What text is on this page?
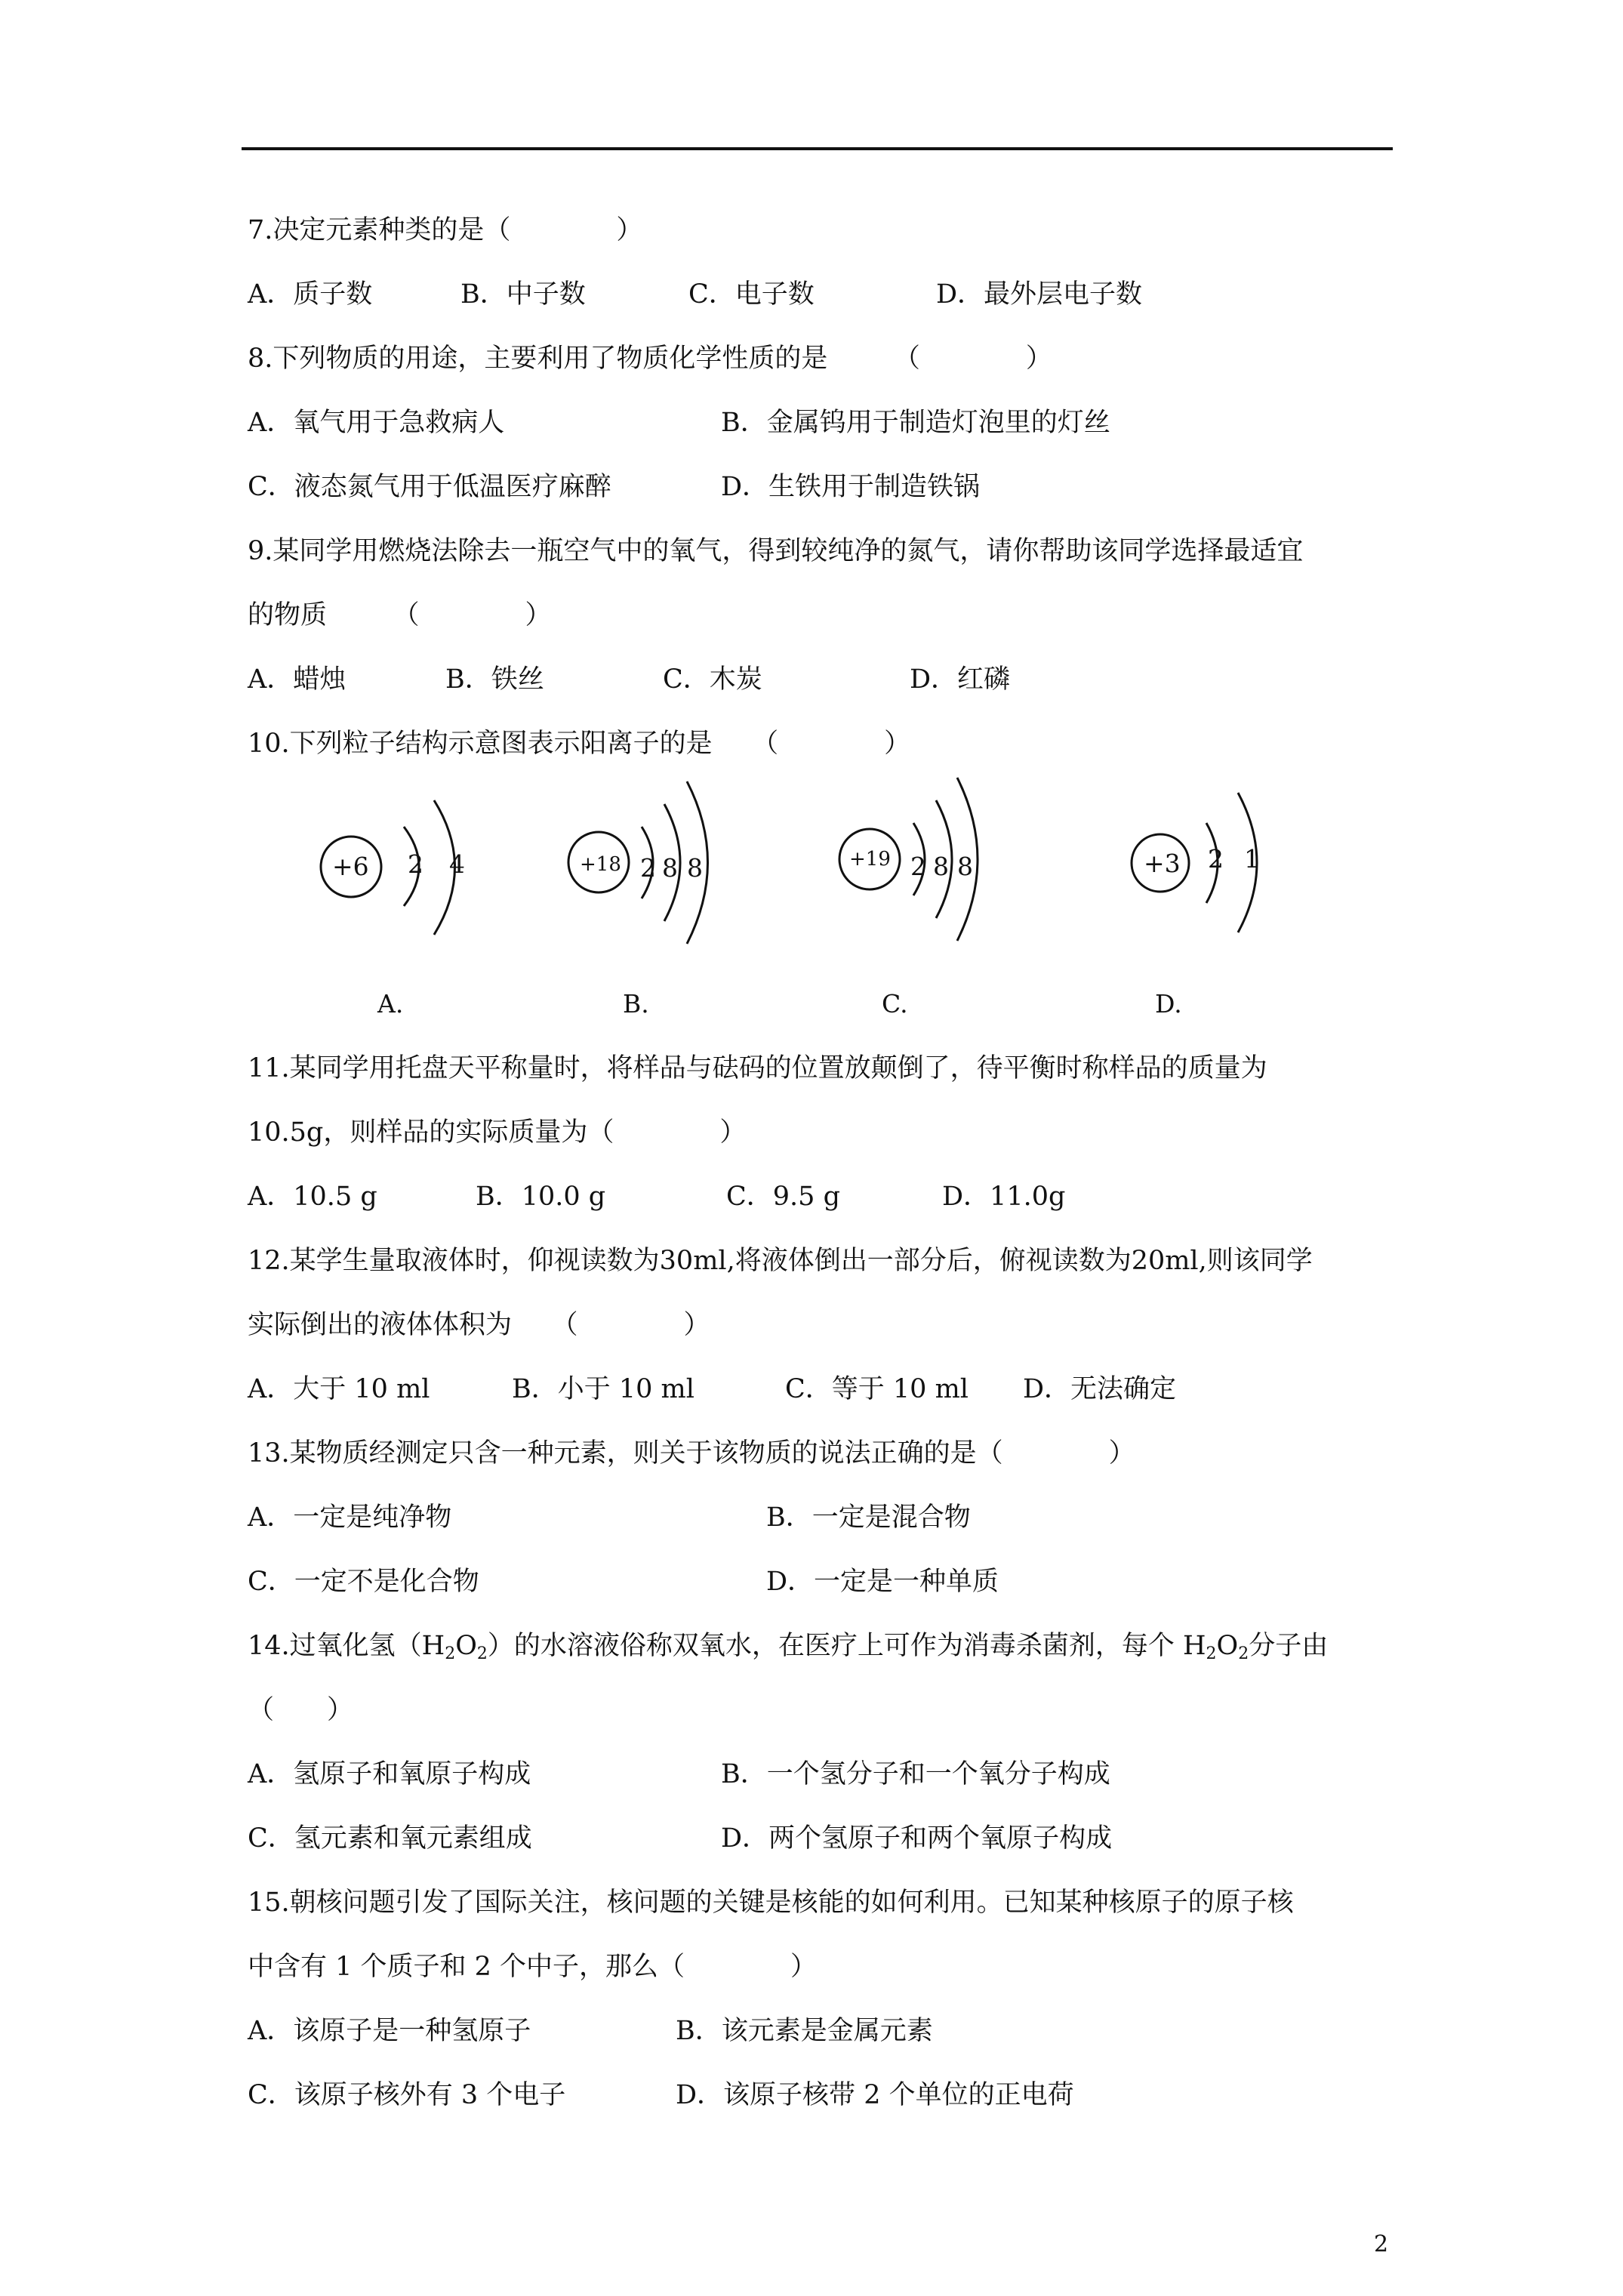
7.决定元素种类的是（　　　　）
A．质子数	B．中子数	C．电子数	D．最外层电子数
8.下列物质的用途，主要利用了物质化学性质的是　　　（　　　　）
A．氧气用于急救病人	B．金属钨用于制造灯泡里的灯丝
C．液态氮气用于低温医疗麻醉	D．生铁用于制造铁锅
9.某同学用燃烧法除去一瓶空气中的氧气，得到较纯净的氮气，请你帮助该同学选择最适宜
的物质　　　（　　　　）
A．蜡烛	B．铁丝	C．木炭	D．红磷
10.下列粒子结构示意图表示阳离子的是　　（　　　　）
+6 2 4	+18 2 8 8	+19 2 8 8	+3 2 1
A.	B.	C.	D.
11.某同学用托盘天平称量时，将样品与砝码的位置放颠倒了，待平衡时称样品的质量为
10.5g，则样品的实际质量为（　　　　）
A．10.5 g	B．10.0 g	C．9.5 g	D．11.0g
12.某学生量取液体时，仰视读数为30ml,将液体倒出一部分后，俯视读数为20ml,则该同学
实际倒出的液体体积为　　（　　　　）
A．大于 10 ml	B．小于 10 ml	C．等于 10 ml D．无法确定
13.某物质经测定只含一种元素，则关于该物质的说法正确的是（　　　　）
A．一定是纯净物	B．一定是混合物
C．一定不是化合物	D．一定是一种单质
14.过氧化氢$(H_2O_2)$的水溶液俗称双氧水，在医疗上可作为消毒杀菌剂，每个 $H_2O_2$分子由
（　　）
A．氢原子和氧原子构成	B．一个氢分子和一个氧分子构成
C．氢元素和氧元素组成	D．两个氢原子和两个氧原子构成
15.朝核问题引发了国际关注，核问题的关键是核能的如何利用。已知某种核原子的原子核
中含有 1 个质子和 2 个中子，那么（　　　　）
A．该原子是一种氢原子	B．该元素是金属元素
C．该原子核外有 3 个电子	D．该原子核带 2 个单位的正电荷
2
